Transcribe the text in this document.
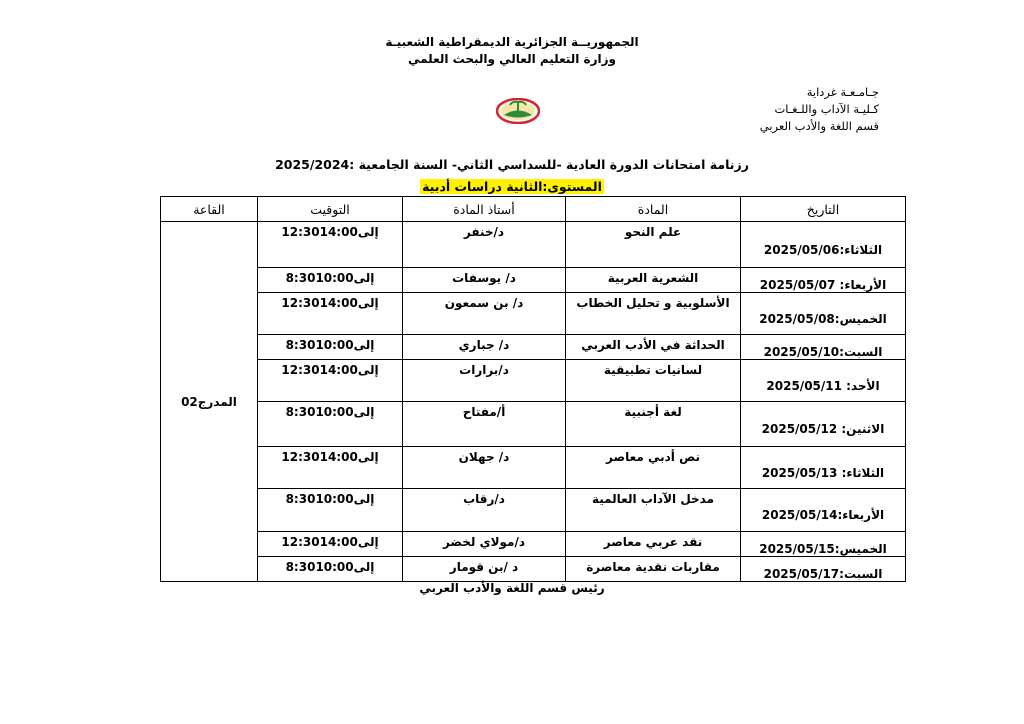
الجمهوريــة الجزائرية الديمقراطية الشعبيـة
وزارة التعليم العالي والبحث العلمي
جـامـعـة غرداية
كـليـة الآداب واللـغـات
قسم اللغة والأدب العربي
رزنامة امتحانات الدورة العادية -للسداسي الثاني- السنة الجامعية :2025/2024
المستوى:الثانية دراسات أدبية
التاريخ	المادة	أستاذ المادة	التوقيت	القاعة
الثلاثاء:2025/05/06	علم النحو	د/خنفر	12:30إلى14:00	المدرج02
الأربعاء: 2025/05/07	الشعرية العربية	د/ يوسفات	8:30إلى10:00	
الخميس:2025/05/08	الأسلوبية و تحليل الخطاب	د/ بن سمعون	12:30إلى14:00	
السبت:2025/05/10	الحداثة في الأدب العربي	د/ جباري	8:30إلى10:00	
الأحد: 2025/05/11	لسانيات تطبيقية	د/برارات	12:30إلى14:00	
الاثنين: 2025/05/12	لغة أجنبية	أ/مفتاح	8:30إلى10:00	
الثلاثاء: 2025/05/13	نص أدبي معاصر	د/ جهلان	12:30إلى14:00	
الأربعاء:2025/05/14	مدخل الآداب العالمية	د/رقاب	8:30إلى10:00	
الخميس:2025/05/15	نقد عربي معاصر	د/مولاي لخضر	12:30إلى14:00	
السبت:2025/05/17	مقاربات نقدية معاصرة	د /بن قومار	8:30إلى10:00	
رئيس قسم اللغة والأدب العربي
